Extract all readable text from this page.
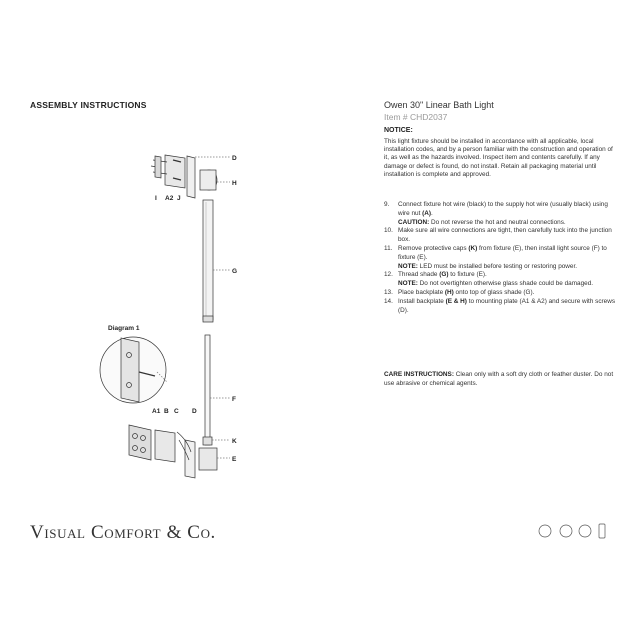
ASSEMBLY INSTRUCTIONS	Owen 30" Linear Bath Light
Item # CHD2037
NOTICE:
This light fixture should be installed in accordance with all applicable, local installation codes, and by a person familiar with the construction and operation of it, as well as the hazards involved. Inspect item and contents carefully. If any damage or defect is found, do not install. Retain all packaging material until installation is complete and approved.
9.	Connect fixture hot wire (black) to the supply hot wire (usually black) using wire nut (A).
CAUTION: Do not reverse the hot and neutral connections.
10. Make sure all wire connections are tight, then carefully tuck into the junction box.
11. Remove protective caps (K) from fixture (E), then install light source (F) to fixture (E).
NOTE: LED must be installed before testing or restoring power.
12. Thread shade (G) to fixture (E).
NOTE: Do not overtighten otherwise glass shade could be damaged.
13. Place backplate (H) onto top of glass shade (G).
14. Install backplate (E & H) to mounting plate (A1 & A2) and secure with screws (D).
CARE INSTRUCTIONS: Clean only with a soft dry cloth or feather duster. Do not use abrasive or chemical agents.
D
H
I A2 J
G
F
A1 B C D
K
E
Diagram 1
Visual Comfort & Co.
